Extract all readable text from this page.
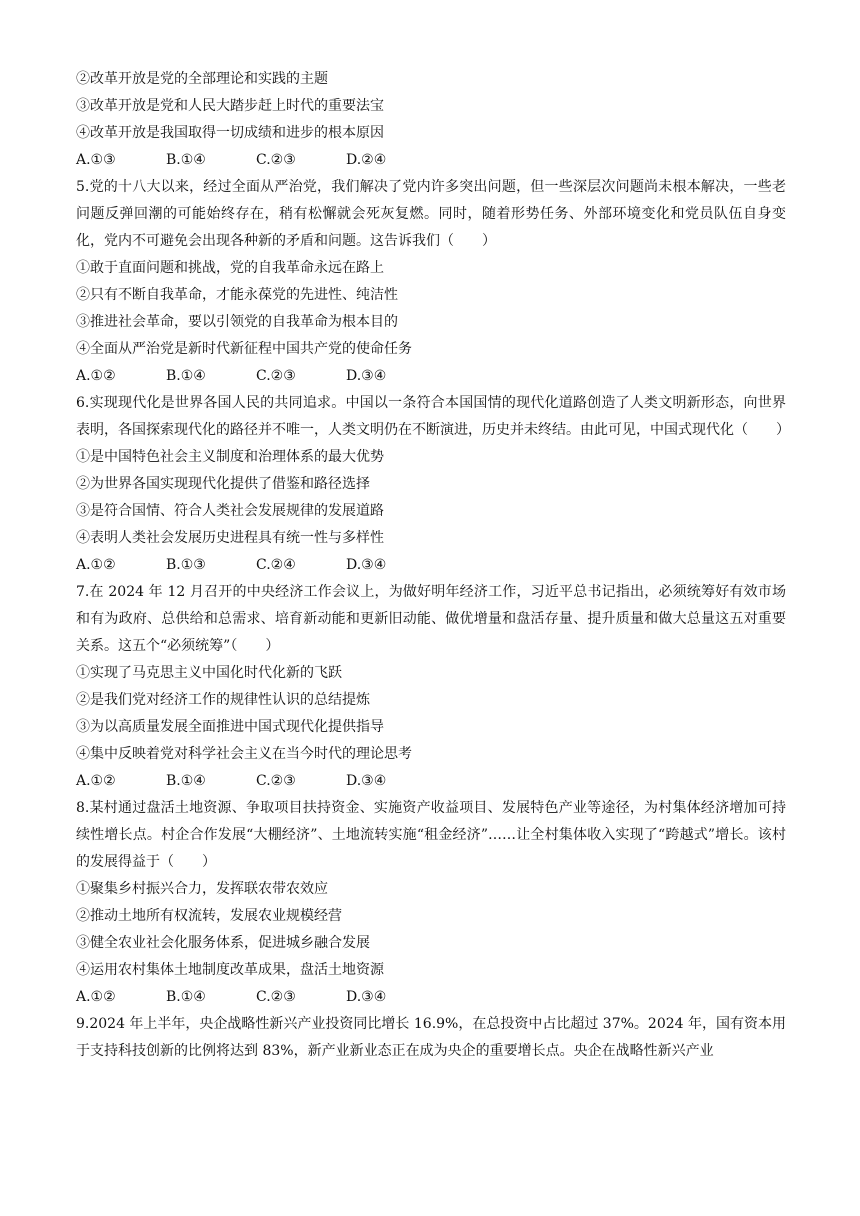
②改革开放是党的全部理论和实践的主题
③改革开放是党和人民大踏步赶上时代的重要法宝
④改革开放是我国取得一切成绩和进步的根本原因
A.①③	B.①④	C.②③	D.②④
5.党的十八大以来，经过全面从严治党，我们解决了党内许多突出问题，但一些深层次问题尚未根本解决，一些老问题反弹回潮的可能始终存在，稍有松懈就会死灰复燃。同时，随着形势任务、外部环境变化和党员队伍自身变化，党内不可避免会出现各种新的矛盾和问题。这告诉我们（　　）
①敢于直面问题和挑战，党的自我革命永远在路上
②只有不断自我革命，才能永葆党的先进性、纯洁性
③推进社会革命，要以引领党的自我革命为根本目的
④全面从严治党是新时代新征程中国共产党的使命任务
A.①②	B.①④	C.②③	D.③④
6.实现现代化是世界各国人民的共同追求。中国以一条符合本国国情的现代化道路创造了人类文明新形态，向世界表明，各国探索现代化的路径并不唯一，人类文明仍在不断演进，历史并未终结。由此可见，中国式现代化（　　）
①是中国特色社会主义制度和治理体系的最大优势
②为世界各国实现现代化提供了借鉴和路径选择
③是符合国情、符合人类社会发展规律的发展道路
④表明人类社会发展历史进程具有统一性与多样性
A.①②	B.①③	C.②④	D.③④
7.在 2024 年 12 月召开的中央经济工作会议上，为做好明年经济工作，习近平总书记指出，必须统筹好有效市场和有为政府、总供给和总需求、培育新动能和更新旧动能、做优增量和盘活存量、提升质量和做大总量这五对重要关系。这五个“必须统筹”（　　）
①实现了马克思主义中国化时代化新的飞跃
②是我们党对经济工作的规律性认识的总结提炼
③为以高质量发展全面推进中国式现代化提供指导
④集中反映着党对科学社会主义在当今时代的理论思考
A.①②	B.①④	C.②③	D.③④
8.某村通过盘活土地资源、争取项目扶持资金、实施资产收益项目、发展特色产业等途径，为村集体经济增加可持续性增长点。村企合作发展“大棚经济”、土地流转实施“租金经济”……让全村集体收入实现了“跨越式”增长。该村的发展得益于（　　）
①聚集乡村振兴合力，发挥联农带农效应
②推动土地所有权流转，发展农业规模经营
③健全农业社会化服务体系，促进城乡融合发展
④运用农村集体土地制度改革成果，盘活土地资源
A.①②	B.①④	C.②③	D.③④
9.2024 年上半年，央企战略性新兴产业投资同比增长 16.9%，在总投资中占比超过 37%。2024 年，国有资本用于支持科技创新的比例将达到 83%，新产业新业态正在成为央企的重要增长点。央企在战略性新兴产业
